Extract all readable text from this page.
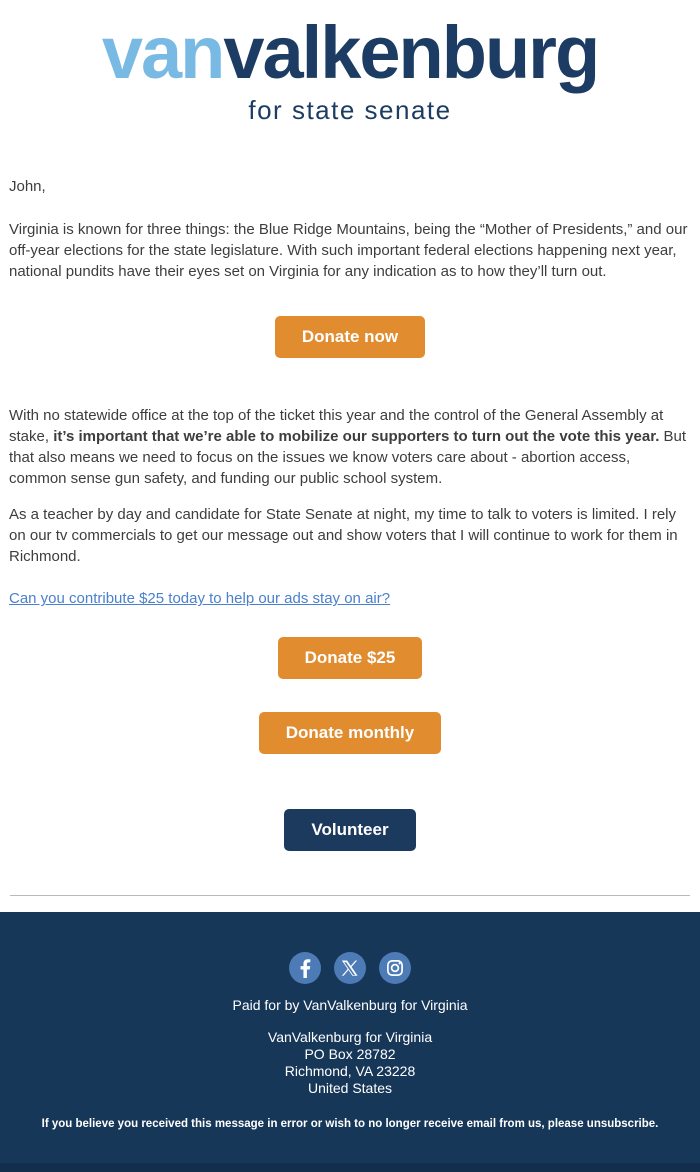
vanvalkenburg
for state senate

John,

Virginia is known for three things: the Blue Ridge Mountains, being the “Mother of Presidents,” and our off-year elections for the state legislature. With such important federal elections happening next year, national pundits have their eyes set on Virginia for any indication as to how they’ll turn out.

Donate now

With no statewide office at the top of the ticket this year and the control of the General Assembly at stake, it’s important that we’re able to mobilize our supporters to turn out the vote this year. But that also means we need to focus on the issues we know voters care about - abortion access, common sense gun safety, and funding our public school system.

As a teacher by day and candidate for State Senate at night, my time to talk to voters is limited. I rely on our tv commercials to get our message out and show voters that I will continue to work for them in Richmond.

Can you contribute $25 today to help our ads stay on air?

Donate $25
Donate monthly
Volunteer
Paid for by VanValkenburg for Virginia
VanValkenburg for Virginia
PO Box 28782
Richmond, VA 23228
United States
If you believe you received this message in error or wish to no longer receive email from us, please unsubscribe.
